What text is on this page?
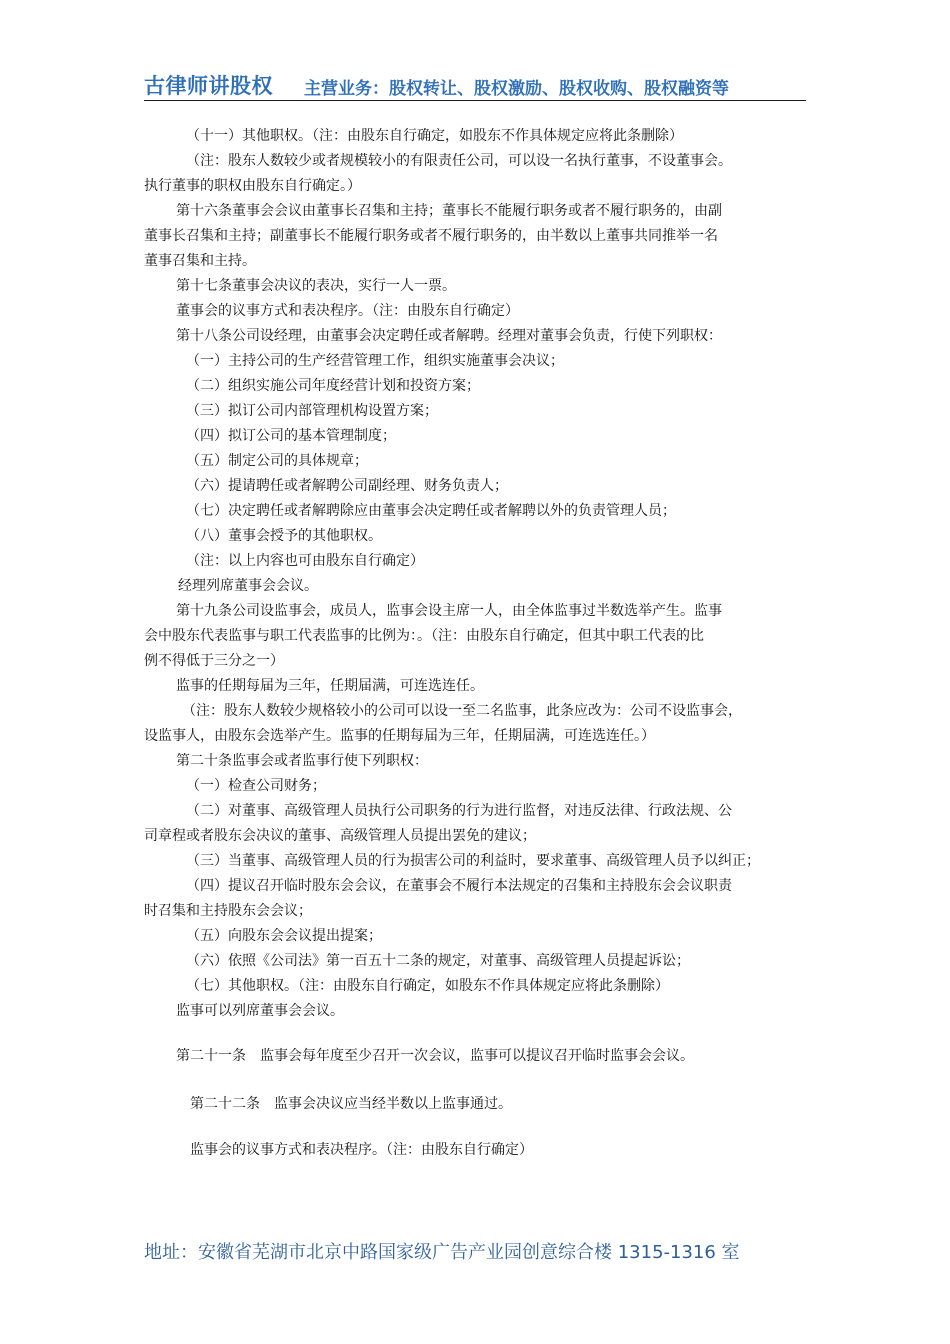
古律师讲股权 主营业务：股权转让、股权激励、股权收购、股权融资等
（十一）其他职权。（注：由股东自行确定，如股东不作具体规定应将此条删除）
（注：股东人数较少或者规模较小的有限责任公司，可以设一名执行董事，不设董事会。
执行董事的职权由股东自行确定。）
第十六条董事会会议由董事长召集和主持；董事长不能履行职务或者不履行职务的，由副
董事长召集和主持；副董事长不能履行职务或者不履行职务的，由半数以上董事共同推举一名
董事召集和主持。
第十七条董事会决议的表决，实行一人一票。
董事会的议事方式和表决程序。（注：由股东自行确定）
第十八条公司设经理，由董事会决定聘任或者解聘。经理对董事会负责，行使下列职权：
（一）主持公司的生产经营管理工作，组织实施董事会决议；
（二）组织实施公司年度经营计划和投资方案；
（三）拟订公司内部管理机构设置方案；
（四）拟订公司的基本管理制度；
（五）制定公司的具体规章；
（六）提请聘任或者解聘公司副经理、财务负责人；
（七）决定聘任或者解聘除应由董事会决定聘任或者解聘以外的负责管理人员；
（八）董事会授予的其他职权。
（注：以上内容也可由股东自行确定）
经理列席董事会会议。
第十九条公司设监事会，成员人，监事会设主席一人，由全体监事过半数选举产生。监事
会中股东代表监事与职工代表监事的比例为：。（注：由股东自行确定，但其中职工代表的比
例不得低于三分之一）
监事的任期每届为三年，任期届满，可连选连任。
（注：股东人数较少规格较小的公司可以设一至二名监事，此条应改为：公司不设监事会，
设监事人，由股东会选举产生。监事的任期每届为三年，任期届满，可连选连任。）
第二十条监事会或者监事行使下列职权：
（一）检查公司财务；
（二）对董事、高级管理人员执行公司职务的行为进行监督，对违反法律、行政法规、公
司章程或者股东会决议的董事、高级管理人员提出罢免的建议；
（三）当董事、高级管理人员的行为损害公司的利益时，要求董事、高级管理人员予以纠正；
（四）提议召开临时股东会会议，在董事会不履行本法规定的召集和主持股东会会议职责
时召集和主持股东会会议；
（五）向股东会会议提出提案；
（六）依照《公司法》第一百五十二条的规定，对董事、高级管理人员提起诉讼；
（七）其他职权。（注：由股东自行确定，如股东不作具体规定应将此条删除）
监事可以列席董事会会议。
第二十一条　监事会每年度至少召开一次会议，监事可以提议召开临时监事会会议。
第二十二条　监事会决议应当经半数以上监事通过。
监事会的议事方式和表决程序。（注：由股东自行确定）
地址：安徽省芜湖市北京中路国家级广告产业园创意综合楼 1315-1316 室
